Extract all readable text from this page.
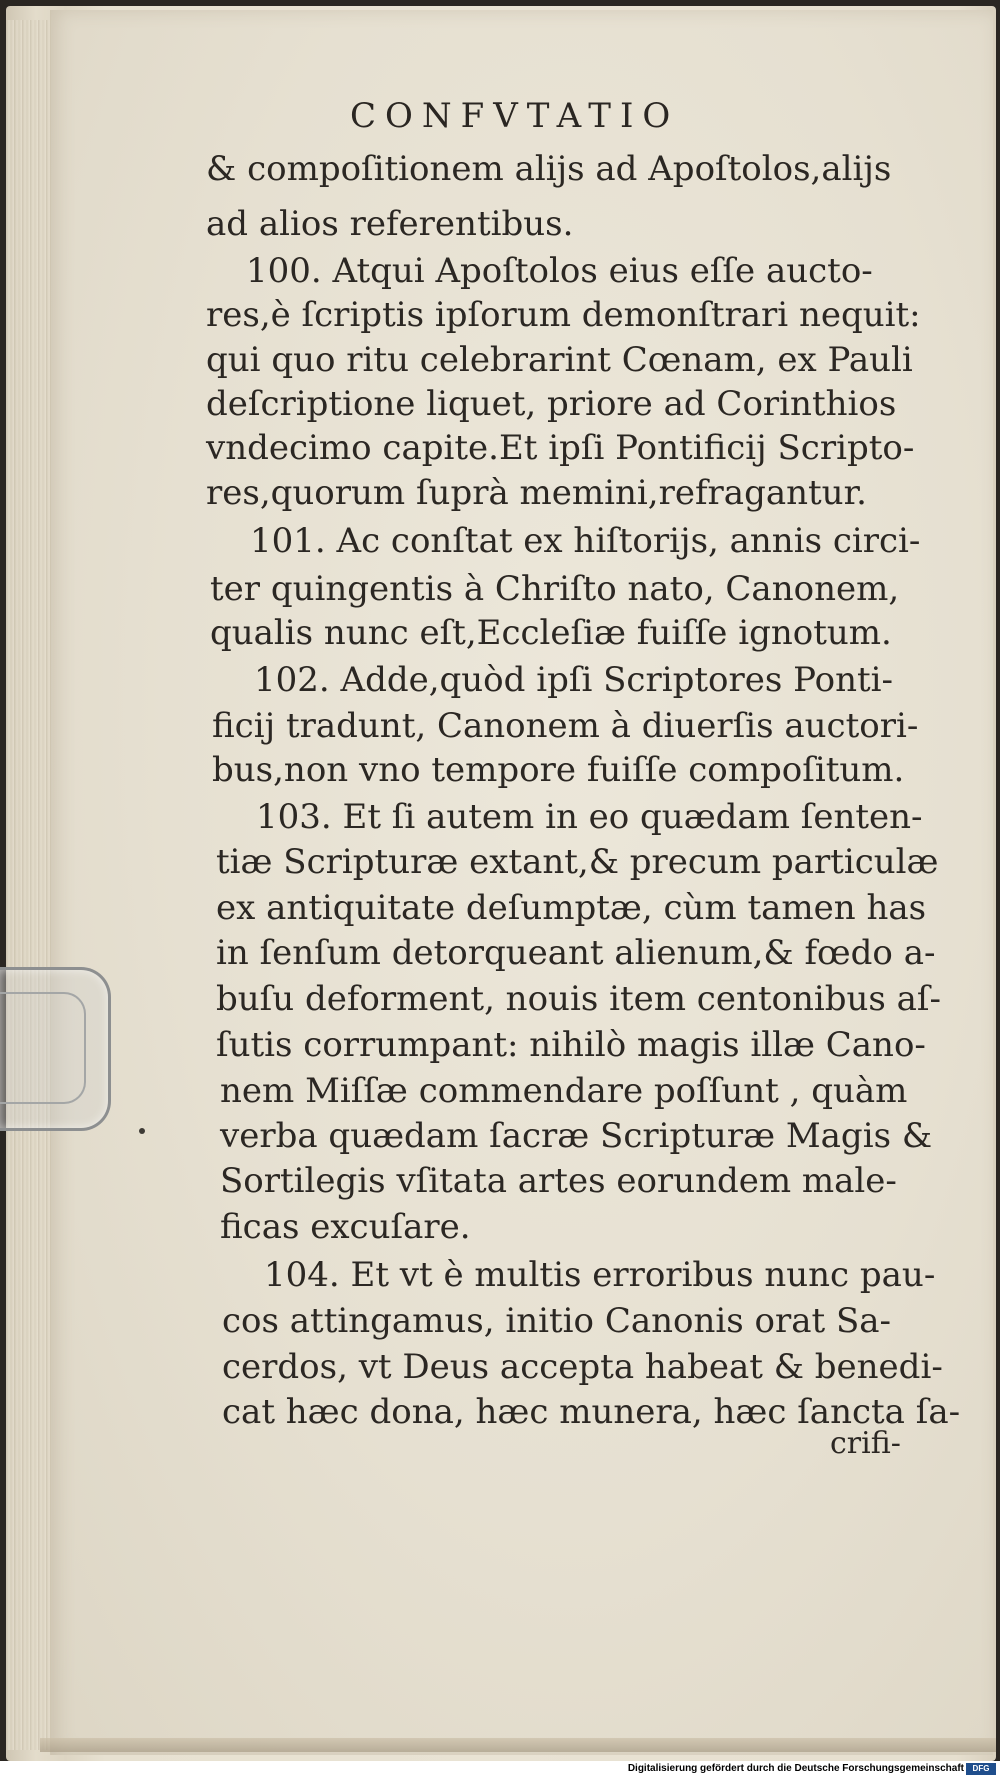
CONFVTATIO
& compoſitionem alijs ad Apoſtolos,alijs
ad alios referentibus.
100. Atqui Apoſtolos eius eſſe aucto-
res,è ſcriptis ipſorum demonſtrari nequit:
qui quo ritu celebrarint Cœnam, ex Pauli
deſcriptione liquet, priore ad Corinthios
vndecimo capite.Et ipſi Pontificij Scripto-
res,quorum ſuprà memini,refragantur.
101. Ac conſtat ex hiſtorijs, annis circi-
ter quingentis à Chriſto nato, Canonem,
qualis nunc eſt,Eccleſiæ fuiſſe ignotum.
102. Adde,quòd ipſi Scriptores Ponti-
ficij tradunt, Canonem à diuerſis auctori-
bus,non vno tempore fuiſſe compoſitum.
103. Et ſi autem in eo quædam ſenten-
tiæ Scripturæ extant,& precum particulæ
ex antiquitate deſumptæ, cùm tamen has
in ſenſum detorqueant alienum,& fœdo a-
buſu deforment, nouis item centonibus aſ-
ſutis corrumpant: nihilò magis illæ Cano-
nem Miſſæ commendare poſſunt , quàm
verba quædam ſacræ Scripturæ Magis &
Sortilegis vſitata artes eorundem male-
ficas excuſare.
104. Et vt è multis erroribus nunc pau-
cos attingamus, initio Canonis orat Sa-
cerdos, vt Deus accepta habeat & benedi-
cat hæc dona, hæc munera, hæc ſancta ſa-
crifi-
Digitalisierung gefördert durch die Deutsche Forschungsgemeinschaft	DFG
